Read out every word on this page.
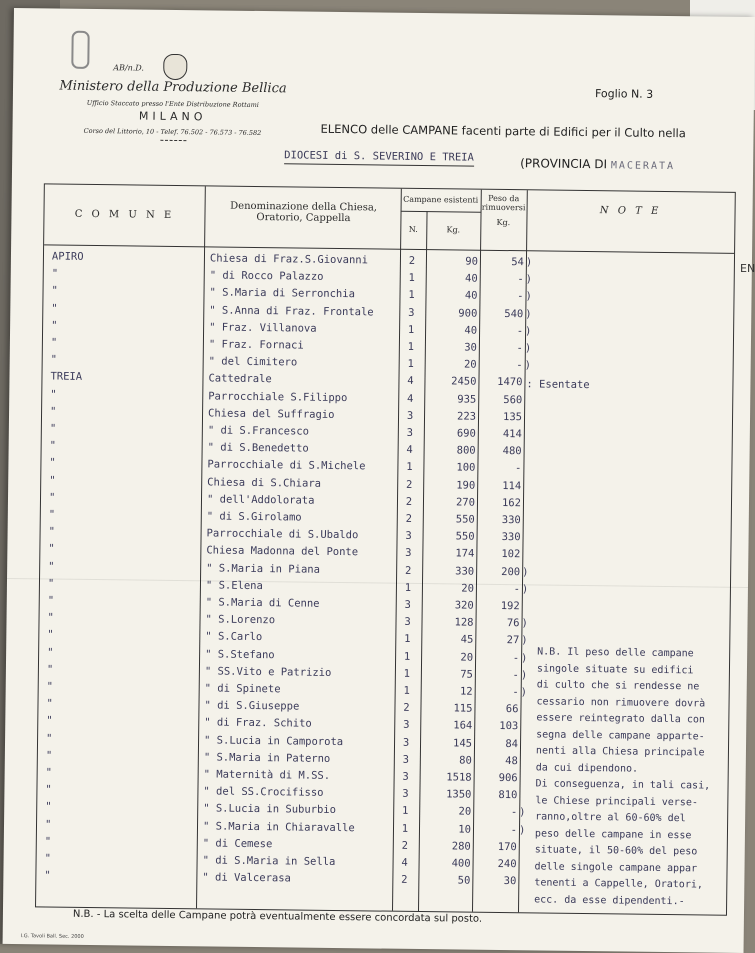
AB/n.D.
Ministero della Produzione Bellica
Ufficio Staccato presso l'Ente Distribuzione Rottami
MILANO
Corso del Littorio, 10 - Telef. 76.502 - 76.573 - 76.582
Foglio N. 3
ELENCO delle CAMPANE facenti parte di Edifici per il Culto nella
DIOCESI di S. SEVERINO E TREIA	(PROVINCIA DI MACERATA
C O M U N E
Denominazione della Chiesa, Oratorio, Cappella
Campane esistenti
N.	Kg.
Peso da rimuoversi
Kg.
N O T E
APIRO	Chiesa di Fraz.S.Giovanni	2	90	54 )
"	" di Rocco Palazzo	1	40	- )
"	" S.Maria di Serronchia	1	40	- )
"	" S.Anna di Fraz. Frontale	3	900	540 )
"	" Fraz. Villanova	1	40	- )
"	" Fraz. Fornaci	1	30	- )
"	" del Cimitero	1	20	- )
TREIA	Cattedrale	4	2450	1470
"	Parrocchiale S.Filippo	4	935	560
"	Chiesa del Suffragio	3	223	135
"	" di S.Francesco	3	690	414
"	" di S.Benedetto	4	800	480
"	Parrocchiale di S.Michele	1	100	-
"	Chiesa di S.Chiara	2	190	114
"	" dell'Addolorata	2	270	162
"	" di S.Girolamo	2	550	330
"	Parrocchiale di S.Ubaldo	3	550	330
"	Chiesa Madonna del Ponte	3	174	102
"	" S.Maria in Piana	2	330	200 )
"	" S.Elena	1	20	- )
"	" S.Maria di Cenne	3	320	192
"	" S.Lorenzo	3	128	76 )
"	" S.Carlo	1	45	27 )
"	" S.Stefano	1	20	- )
"	" SS.Vito e Patrizio	1	75	- )
"	" di Spinete	1	12	- )
"	" di S.Giuseppe	2	115	66
"	" di Fraz. Schito	3	164	103
"	" S.Lucia in Camporota	3	145	84
"	" S.Maria in Paterno	3	80	48
"	" Maternità di M.SS.	3	1518	906
"	" del SS.Crocifisso	3	1350	810
"	" S.Lucia in Suburbio	1	20	- )
"	" S.Maria in Chiaravalle	1	10	- )
"	" di Cemese	2	280	170
"	" di S.Maria in Sella	4	400	240
"	" di Valcerasa	2	50	30
: Esentate
N.B. Il peso delle campane
singole situate su edifici
di culto che si rendesse ne
cessario non rimuovere dovrà
essere reintegrato dalla con
segna delle campane apparte-
nenti alla Chiesa principale
da cui dipendono.
Di conseguenza, in tali casi,
le Chiese principali verse-
ranno,oltre al 60-60% del
peso delle campane in esse
situate, il 50-60% del peso
delle singole campane appar
tenenti a Cappelle, Oratori,
ecc. da esse dipendenti.-
N.B. - La scelta delle Campane potrà eventualmente essere concordata sul posto.
I.G. Tavoli Ball. Sec. 2000
EN
